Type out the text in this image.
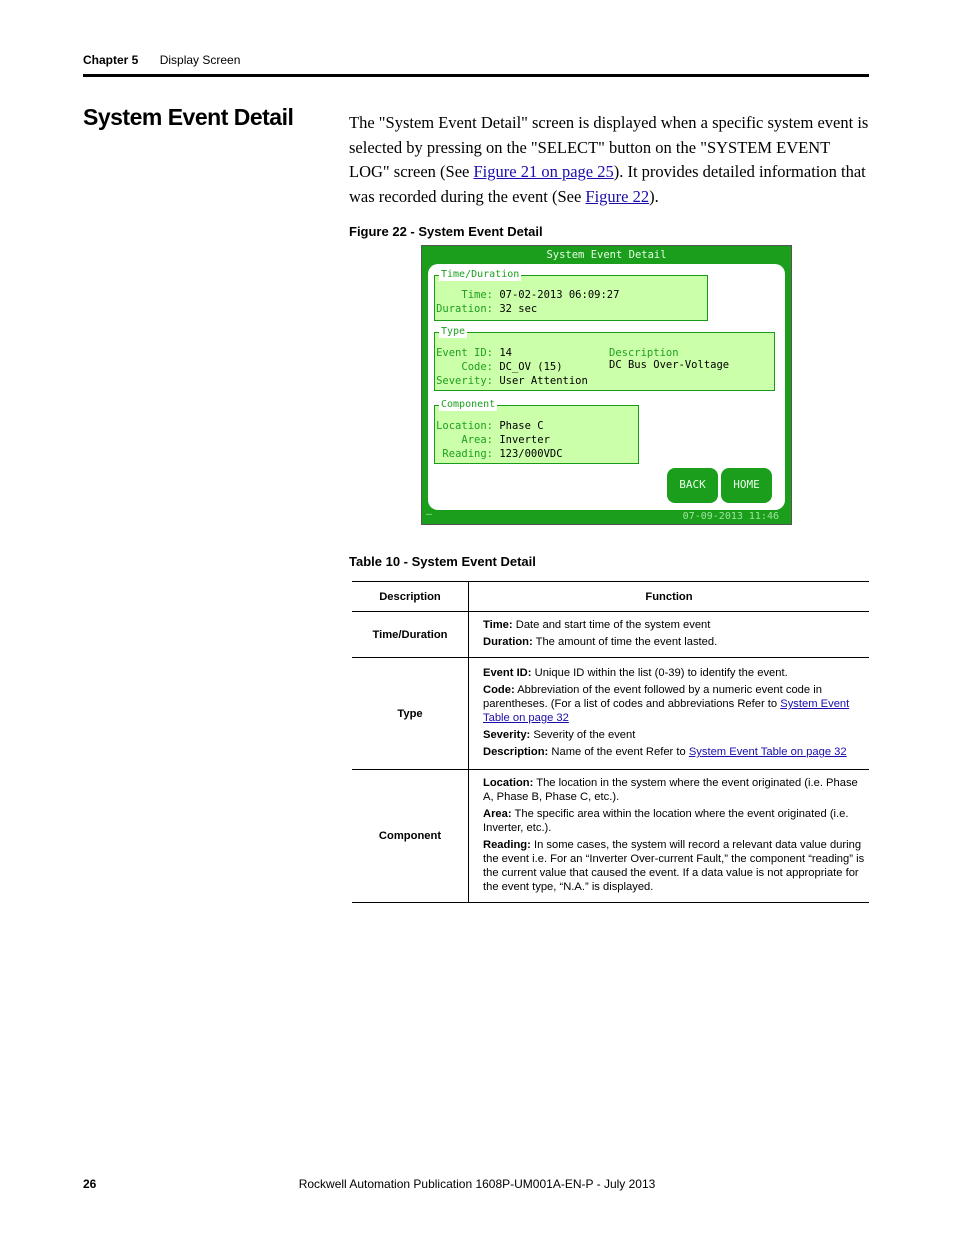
Chapter 5 Display Screen
System Event Detail	The "System Event Detail" screen is displayed when a specific system event is selected by pressing on the "SELECT" button on the "SYSTEM EVENT LOG" screen (See Figure 21 on page 25). It provides detailed information that was recorded during the event (See Figure 22).
Figure 22 - System Event Detail
System Event Detail
Time/Duration
Time: 07-02-2013 06:09:27
Duration: 32 sec
Type
Event ID: 14
Code: DC_OV (15)
Severity: User Attention
Description
DC Bus Over-Voltage
Component
Location: Phase C
Area: Inverter
Reading: 123/000VDC
BACK	HOME
–	07-09-2013 11:46
Table 10 - System Event Detail
Description	Function
Time/Duration	Time: Date and start time of the system event
Duration: The amount of time the event lasted.

Type	Event ID: Unique ID within the list (0-39) to identify the event.
Code: Abbreviation of the event followed by a numeric event code in parentheses. (For a list of codes and abbreviations Refer to System Event Table on page 32
Severity: Severity of the event
Description: Name of the event Refer to System Event Table on page 32

Component	Location: The location in the system where the event originated (i.e. Phase A, Phase B, Phase C, etc.).
Area: The specific area within the location where the event originated (i.e. Inverter, etc.).
Reading: In some cases, the system will record a relevant data value during the event i.e. For an “Inverter Over-current Fault,” the component “reading” is the current value that caused the event. If a data value is not appropriate for the event type, “N.A.” is displayed.
Rockwell Automation Publication 1608P-UM001A-EN-P - July 2013
26
